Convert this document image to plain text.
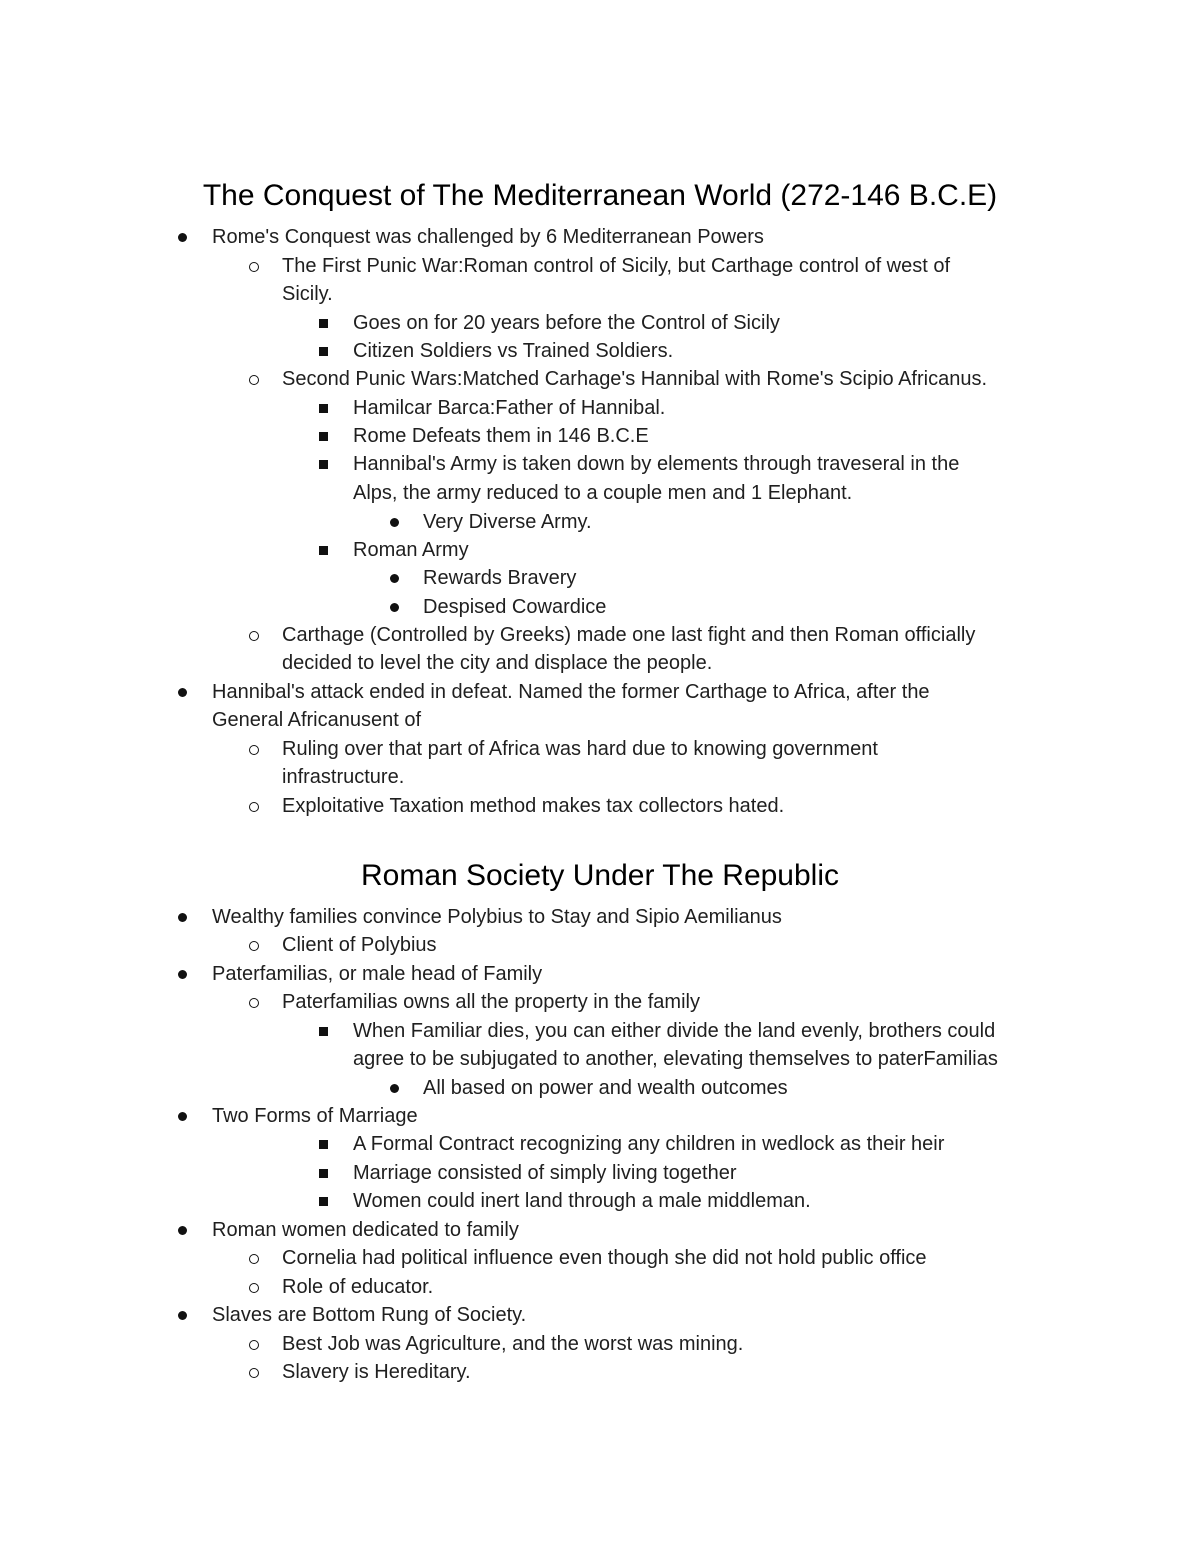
The Conquest of The Mediterranean World (272-146 B.C.E)
Rome's Conquest was challenged by 6 Mediterranean Powers
The First Punic War:Roman control of Sicily, but Carthage control of west of
Sicily.
Goes on for 20 years before the Control of Sicily
Citizen Soldiers vs Trained Soldiers.
Second Punic Wars:Matched Carhage's Hannibal with Rome's Scipio Africanus.
Hamilcar Barca:Father of Hannibal.
Rome Defeats them in 146 B.C.E
Hannibal's Army is taken down by elements through traveseral in the
Alps, the army reduced to a couple men and 1 Elephant.
Very Diverse Army.
Roman Army
Rewards Bravery
Despised Cowardice
Carthage (Controlled by Greeks) made one last fight and then Roman officially
decided to level the city and displace the people.
Hannibal's attack ended in defeat. Named the former Carthage to Africa, after the
General Africanusent of
Ruling over that part of Africa was hard due to knowing government
infrastructure.
Exploitative Taxation method makes tax collectors hated.
Roman Society Under The Republic
Wealthy families convince Polybius to Stay and Sipio Aemilianus
Client of Polybius
Paterfamilias, or male head of Family
Paterfamilias owns all the property in the family
When Familiar dies, you can either divide the land evenly, brothers could
agree to be subjugated to another, elevating themselves to paterFamilias
All based on power and wealth outcomes
Two Forms of Marriage
A Formal Contract recognizing any children in wedlock as their heir
Marriage consisted of simply living together
Women could inert land through a male middleman.
Roman women dedicated to family
Cornelia had political influence even though she did not hold public office
Role of educator.
Slaves are Bottom Rung of Society.
Best Job was Agriculture, and the worst was mining.
Slavery is Hereditary.
